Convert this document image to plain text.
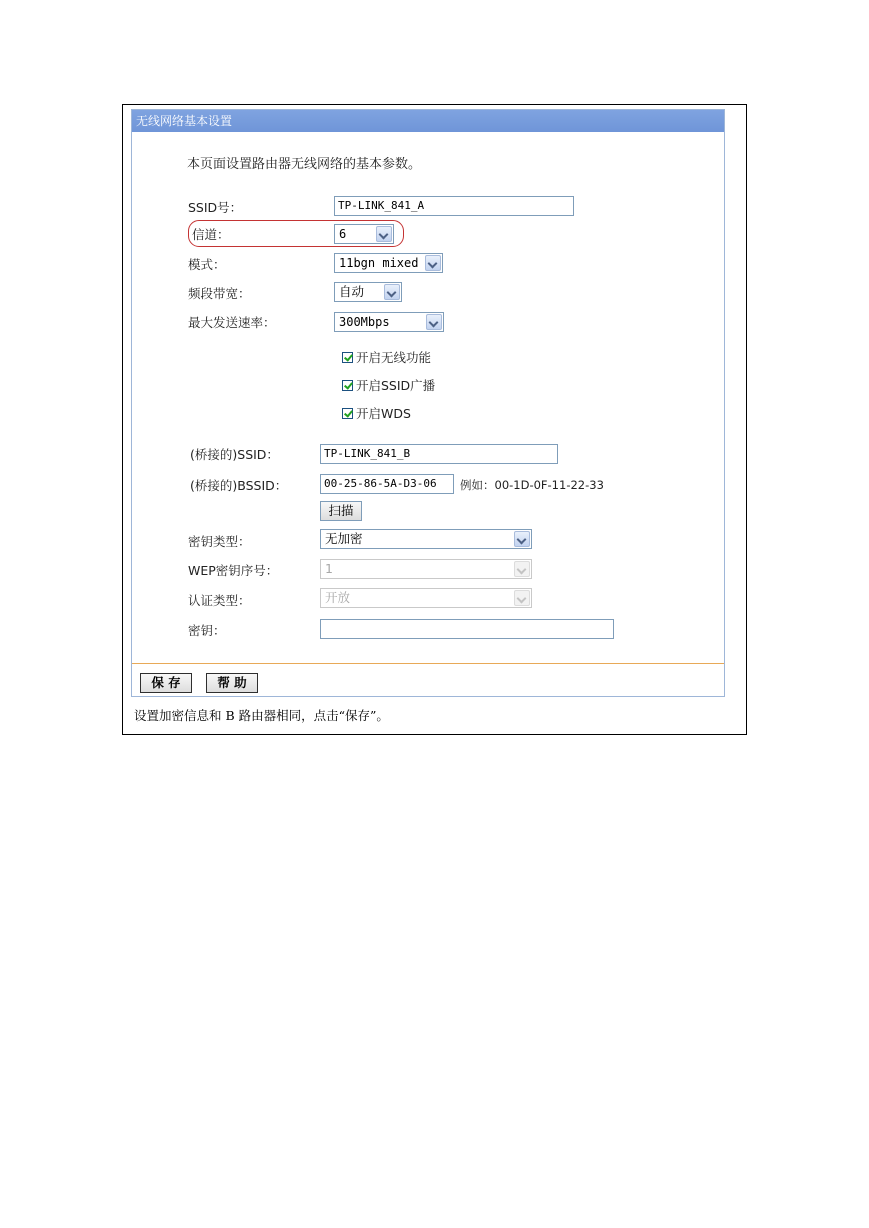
无线网络基本设置
本页面设置路由器无线网络的基本参数。
SSID号：	TP-LINK_841_A
信道：	6
模式：	11bgn mixed
频段带宽：	自动
最大发送速率：	300Mbps
开启无线功能
开启SSID广播
开启WDS
(桥接的)SSID：	TP-LINK_841_B
(桥接的)BSSID：	00-25-86-5A-D3-06	例如：00-1D-0F-11-22-33
扫描
密钥类型：	无加密
WEP密钥序号：	1
认证类型：	开放
密钥：
保 存	帮 助
设置加密信息和 B 路由器相同，点击“保存”。
